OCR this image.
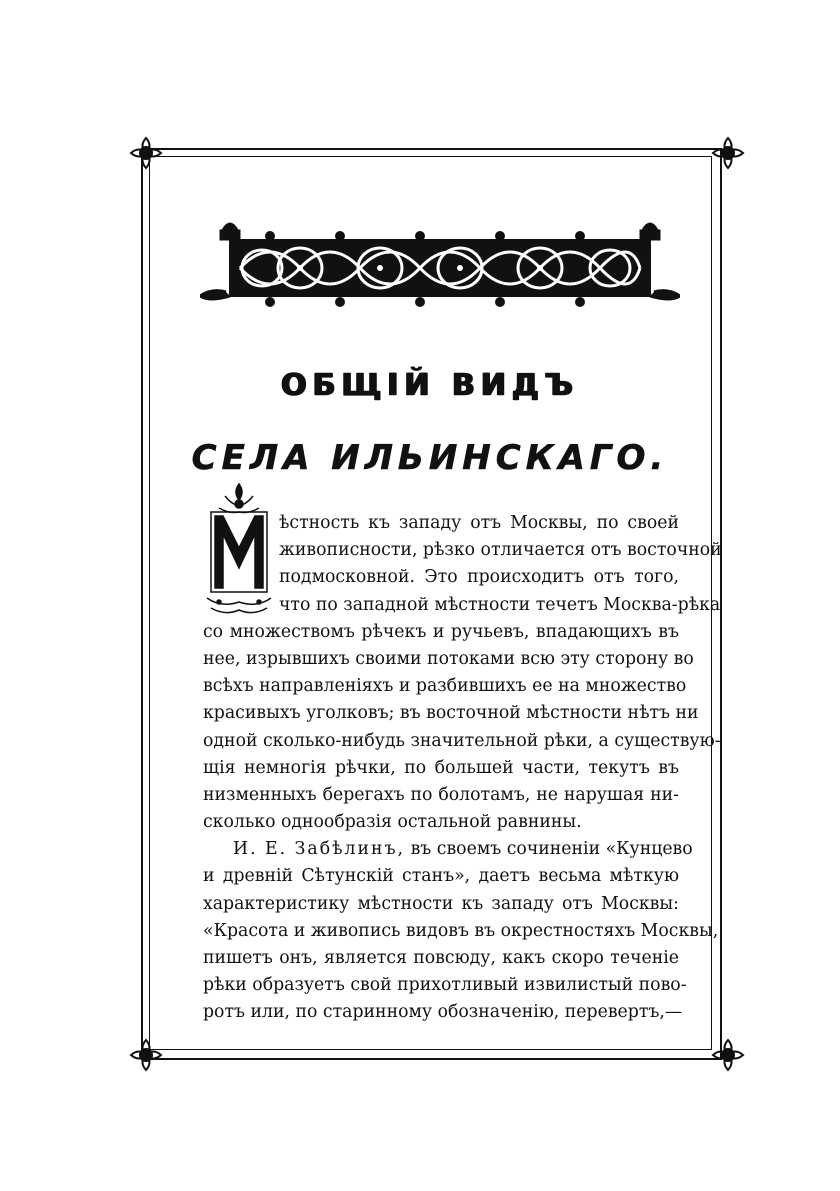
ОБЩІЙ ВИДЪ
СЕЛА ИЛЬИНСКАГО.
ѣстность къ западу отъ Москвы, по своей
живописности, рѣзко отличается отъ восточной
подмосковной. Это происходитъ отъ того,
что по западной мѣстности течетъ Москва-рѣка
со множествомъ рѣчекъ и ручьевъ, впадающихъ въ
нее, изрывшихъ своими потоками всю эту сторону во
всѣхъ направленіяхъ и разбившихъ ее на множество
красивыхъ уголковъ; въ восточной мѣстности нѣтъ ни
одной сколько-нибудь значительной рѣки, а существую-
щія немногія рѣчки, по большей части, текутъ въ
низменныхъ берегахъ по болотамъ, не нарушая ни-
сколько однообразія остальной равнины.
И. Е. Забѣлинъ, въ своемъ сочиненіи «Кунцево
и древній Сѣтунскій станъ», даетъ весьма мѣткую
характеристику мѣстности къ западу отъ Москвы:
«Красота и живопись видовъ въ окрестностяхъ Москвы,
пишетъ онъ, является повсюду, какъ скоро теченіе
рѣки образуетъ свой прихотливый извилистый пово-
ротъ или, по старинному обозначенію, перевертъ,—
